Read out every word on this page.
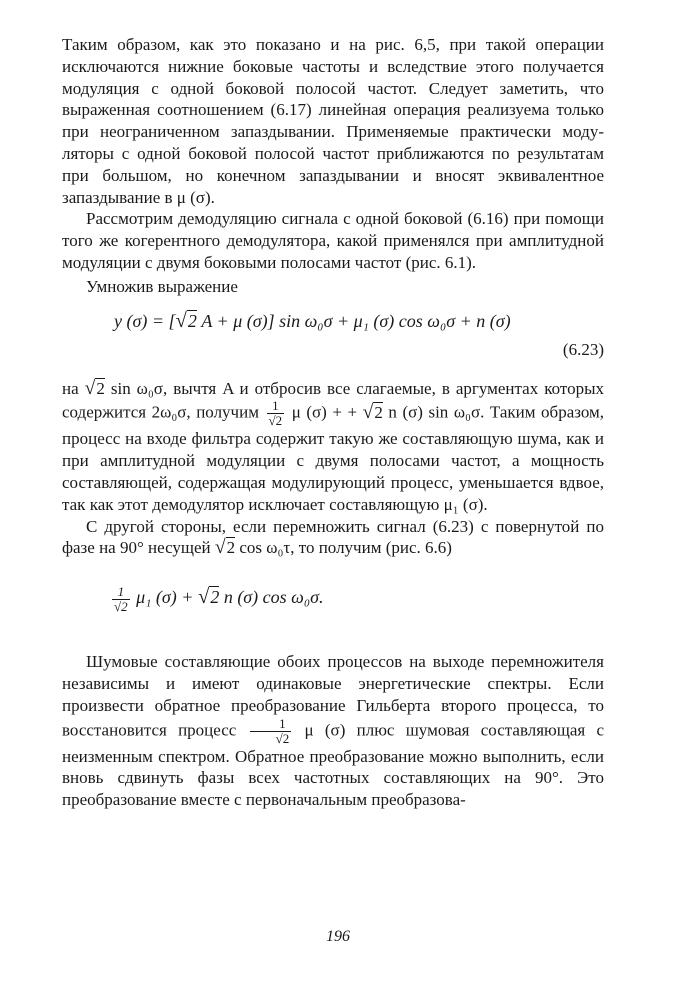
Таким образом, как это показано и на рис. 6,5, при такой операции исключаются нижние боковые частоты и вследствие этого получается модуляция с одной боковой полосой частот. Следует заметить, что выраженная соотношением (6.17) линейная операция реализуема только при неограниченном запаздывании. Применяемые практически модуляторы с одной боковой полосой частот приближаются по результатам при большом, но конечном запаздывании и вносят эквивалентное запаздывание в μ (σ).

Рассмотрим демодуляцию сигнала с одной боковой (6.16) при помощи того же когерентного демодулятора, какой применялся при амплитудной модуляции с двумя боковыми полосами частот (рис. 6.1).

Умножив выражение

y (σ) = [√2 A + μ (σ)] sin ω₀σ + μ₁ (σ) cos ω₀σ + n (σ)
(6.23)

на √2 sin ω₀σ, вычтя A и отбросив все слагаемые, в аргументах которых содержится 2ω₀σ, получим $\frac{1}{√2}$ μ (σ) + + √2 n (σ) sin ω₀σ. Таким образом, процесс на входе фильтра содержит такую же составляющую шума, как и при амплитудной модуляции с двумя полосами частот, а мощность составляющей, содержащая модулирующий процесс, уменьшается вдвое, так как этот демодулятор исключает составляющую μ₁ (σ).

С другой стороны, если перемножить сигнал (6.23) с повернутой по фазе на 90° несущей √2 cos ω₀τ, то получим (рис. 6.6)

$\frac{1}{√2} \mu_1$ (σ) + √2 n (σ) cos ω₀σ.

Шумовые составляющие обоих процессов на выходе перемножителя независимы и имеют одинаковые энергетические спектры. Если произвести обратное преобразование Гильберта второго процесса, то восстановится процесс $\frac{1}{√2}$ μ (σ) плюс шумовая составляющая с неизменным спектром. Обратное преобразование можно выполнить, если вновь сдвинуть фазы всех частотных составляющих на 90°. Это преобразование вместе с первоначальным преобразова-

196
